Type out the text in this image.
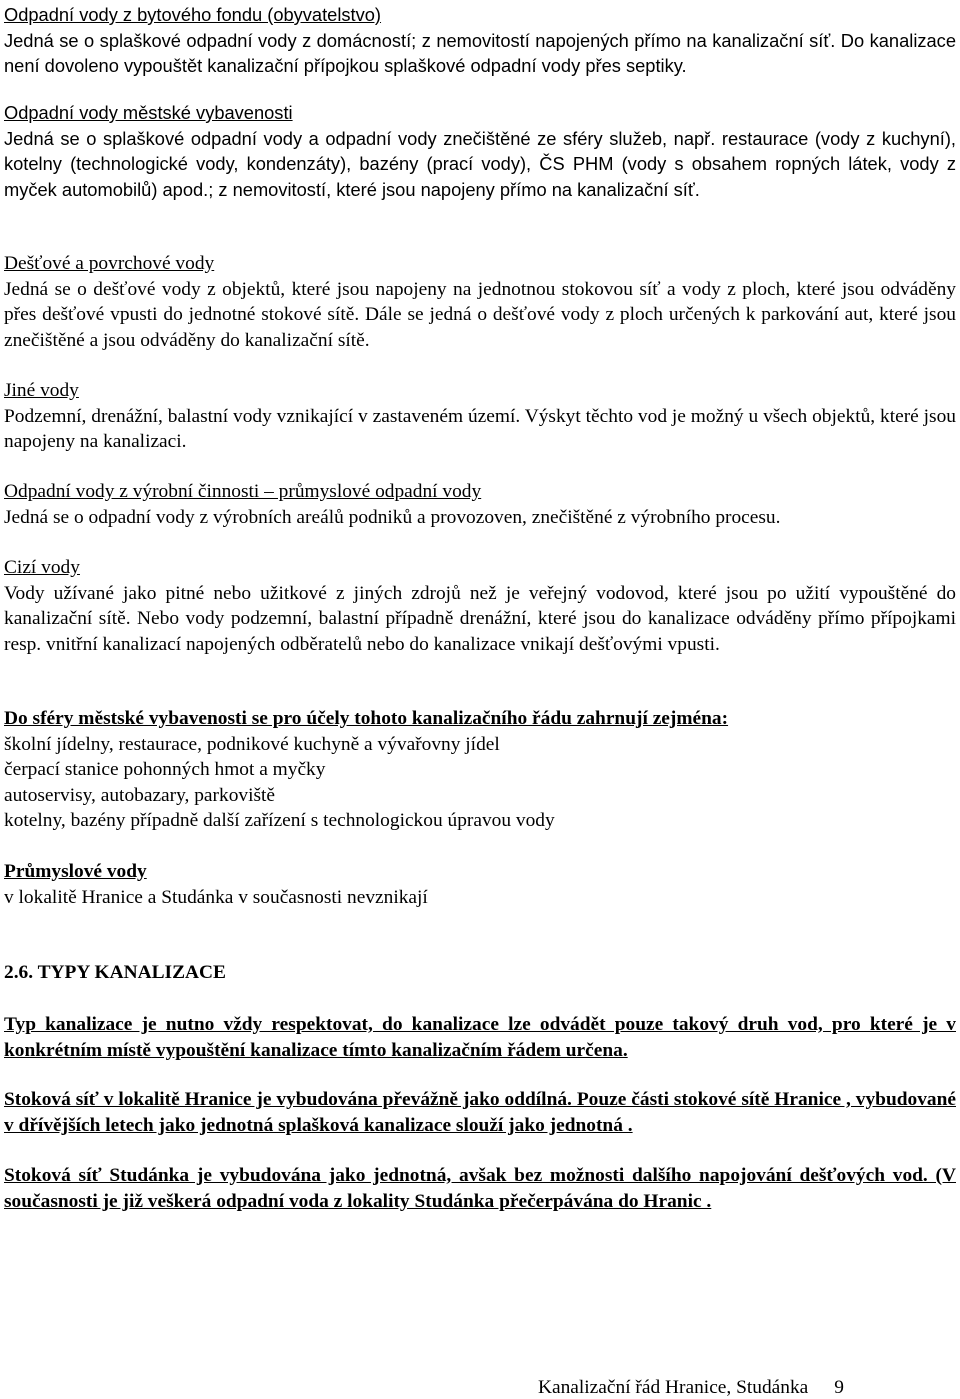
Odpadní vody z bytového fondu (obyvatelstvo)

Jedná se o splaškové odpadní vody z domácností; z nemovitostí napojených přímo na kanalizační síť. Do kanalizace není dovoleno vypouštět kanalizační přípojkou splaškové odpadní vody přes septiky.

Odpadní vody městské vybavenosti

Jedná se o splaškové odpadní vody a odpadní vody znečištěné ze sféry služeb, např. restaurace (vody z kuchyní), kotelny (technologické vody, kondenzáty), bazény (prací vody), ČS PHM (vody s obsahem ropných látek, vody z myček automobilů) apod.; z nemovitostí, které jsou napojeny přímo na kanalizační síť.

Dešťové a povrchové vody

Jedná se o dešťové vody z objektů, které jsou napojeny na jednotnou stokovou síť a vody z ploch, které jsou odváděny přes dešťové vpusti do jednotné stokové sítě. Dále se jedná o dešťové vody z ploch určených k parkování aut, které jsou znečištěné a jsou odváděny do kanalizační sítě.

Jiné vody

Podzemní, drenážní, balastní vody vznikající v zastaveném území. Výskyt těchto vod je možný u všech objektů, které jsou napojeny na kanalizaci.

Odpadní vody z výrobní činnosti – průmyslové odpadní vody

Jedná se o odpadní vody z výrobních areálů podniků a provozoven, znečištěné z výrobního procesu.

Cizí vody

Vody užívané jako pitné nebo užitkové z jiných zdrojů než je veřejný vodovod, které jsou po užití vypouštěné do kanalizační sítě. Nebo vody podzemní, balastní případně drenážní, které jsou do kanalizace odváděny přímo přípojkami resp. vnitřní kanalizací napojených odběratelů nebo do kanalizace vnikají dešťovými vpusti.

Do sféry městské vybavenosti se pro účely tohoto kanalizačního řádu zahrnují zejména:
školní jídelny, restaurace, podnikové kuchyně a vývařovny jídel
čerpací stanice pohonných hmot a myčky
autoservisy, autobazary, parkoviště
kotelny, bazény případně další zařízení s technologickou úpravou vody
Průmyslové vody

v lokalitě Hranice a Studánka v současnosti nevznikají

2.6. TYPY KANALIZACE

Typ kanalizace je nutno vždy respektovat, do kanalizace lze odvádět pouze takový druh vod, pro které je v konkrétním místě vypouštění kanalizace tímto kanalizačním řádem určena.

Stoková síť v lokalitě Hranice je vybudována převážně jako oddílná. Pouze části stokové sítě Hranice , vybudované v dřívějších letech jako jednotná splašková kanalizace slouží jako jednotná .

Stoková síť Studánka je vybudována jako jednotná, avšak bez možnosti dalšího napojování dešťových vod. (V současnosti je již veškerá odpadní voda z lokality Studánka přečerpávána do Hranic .

Kanalizační řád Hranice, Studánka 9
